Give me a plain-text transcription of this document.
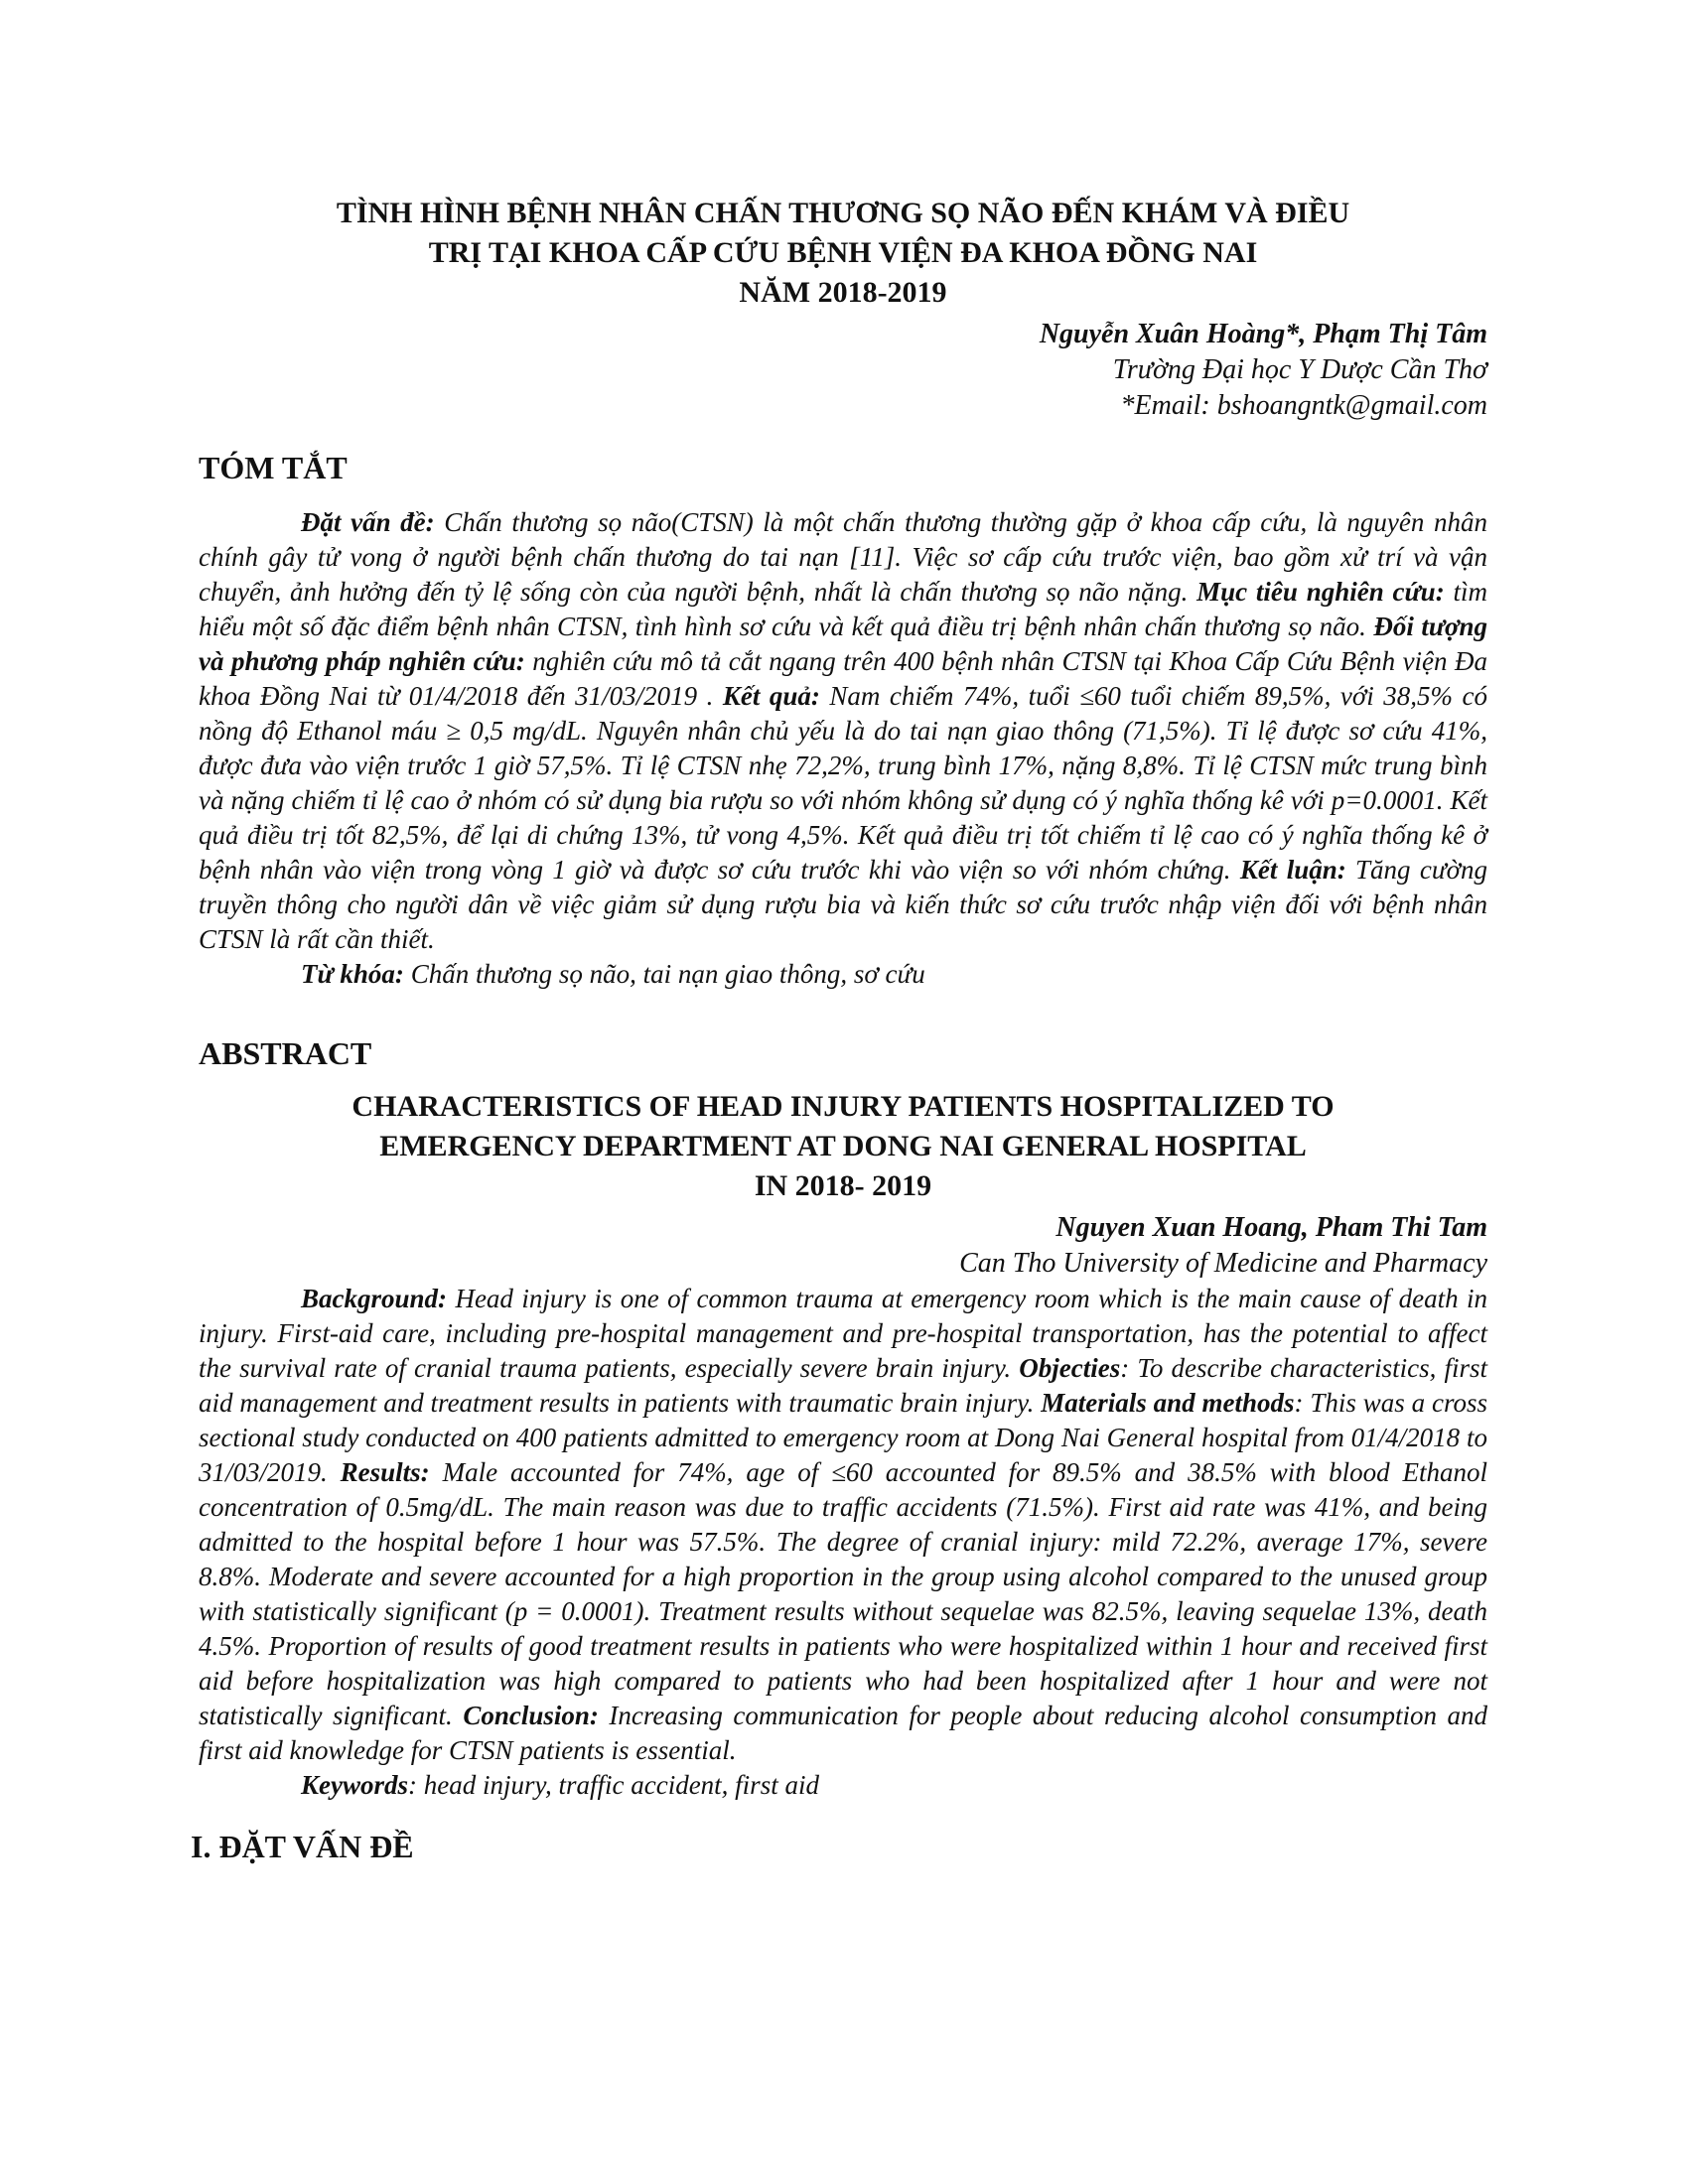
TÌNH HÌNH BỆNH NHÂN CHẤN THƯƠNG SỌ NÃO ĐẾN KHÁM VÀ ĐIỀU
TRỊ TẠI KHOA CẤP CỨU BỆNH VIỆN ĐA KHOA ĐỒNG NAI
NĂM 2018-2019
Nguyễn Xuân Hoàng*, Phạm Thị Tâm
Trường Đại học Y Dược Cần Thơ
*Email: bshoangntk@gmail.com
TÓM TẮT

Đặt vấn đề: Chấn thương sọ não(CTSN) là một chấn thương thường gặp ở khoa cấp cứu, là nguyên nhân chính gây tử vong ở người bệnh chấn thương do tai nạn [11]. Việc sơ cấp cứu trước viện, bao gồm xử trí và vận chuyển, ảnh hưởng đến tỷ lệ sống còn của người bệnh, nhất là chấn thương sọ não nặng. Mục tiêu nghiên cứu: tìm hiểu một số đặc điểm bệnh nhân CTSN, tình hình sơ cứu và kết quả điều trị bệnh nhân chấn thương sọ não. Đối tượng và phương pháp nghiên cứu: nghiên cứu mô tả cắt ngang trên 400 bệnh nhân CTSN tại Khoa Cấp Cứu Bệnh viện Đa khoa Đồng Nai từ 01/4/2018 đến 31/03/2019 . Kết quả: Nam chiếm 74%, tuổi ≤60 tuổi chiếm 89,5%, với 38,5% có nồng độ Ethanol máu ≥ 0,5 mg/dL. Nguyên nhân chủ yếu là do tai nạn giao thông (71,5%). Tỉ lệ được sơ cứu 41%, được đưa vào viện trước 1 giờ 57,5%. Tỉ lệ CTSN nhẹ 72,2%, trung bình 17%, nặng 8,8%. Tỉ lệ CTSN mức trung bình và nặng chiếm tỉ lệ cao ở nhóm có sử dụng bia rượu so với nhóm không sử dụng có ý nghĩa thống kê với p=0.0001. Kết quả điều trị tốt 82,5%, để lại di chứng 13%, tử vong 4,5%. Kết quả điều trị tốt chiếm tỉ lệ cao có ý nghĩa thống kê ở bệnh nhân vào viện trong vòng 1 giờ và được sơ cứu trước khi vào viện so với nhóm chứng. Kết luận: Tăng cường truyền thông cho người dân về việc giảm sử dụng rượu bia và kiến thức sơ cứu trước nhập viện đối với bệnh nhân CTSN là rất cần thiết.

Từ khóa: Chấn thương sọ não, tai nạn giao thông, sơ cứu

ABSTRACT
CHARACTERISTICS OF HEAD INJURY PATIENTS HOSPITALIZED TO
EMERGENCY DEPARTMENT AT DONG NAI GENERAL HOSPITAL
IN 2018- 2019
Nguyen Xuan Hoang, Pham Thi Tam
Can Tho University of Medicine and Pharmacy

Background: Head injury is one of common trauma at emergency room which is the main cause of death in injury. First-aid care, including pre-hospital management and pre-hospital transportation, has the potential to affect the survival rate of cranial trauma patients, especially severe brain injury. Objecties: To describe characteristics, first aid management and treatment results in patients with traumatic brain injury. Materials and methods: This was a cross sectional study conducted on 400 patients admitted to emergency room at Dong Nai General hospital from 01/4/2018 to 31/03/2019. Results: Male accounted for 74%, age of ≤60 accounted for 89.5% and 38.5% with blood Ethanol concentration of 0.5mg/dL. The main reason was due to traffic accidents (71.5%). First aid rate was 41%, and being admitted to the hospital before 1 hour was 57.5%. The degree of cranial injury: mild 72.2%, average 17%, severe 8.8%. Moderate and severe accounted for a high proportion in the group using alcohol compared to the unused group with statistically significant (p = 0.0001). Treatment results without sequelae was 82.5%, leaving sequelae 13%, death 4.5%. Proportion of results of good treatment results in patients who were hospitalized within 1 hour and received first aid before hospitalization was high compared to patients who had been hospitalized after 1 hour and were not statistically significant. Conclusion: Increasing communication for people about reducing alcohol consumption and first aid knowledge for CTSN patients is essential.

Keywords: head injury, traffic accident, first aid

I. ĐẶT VẤN ĐỀ
